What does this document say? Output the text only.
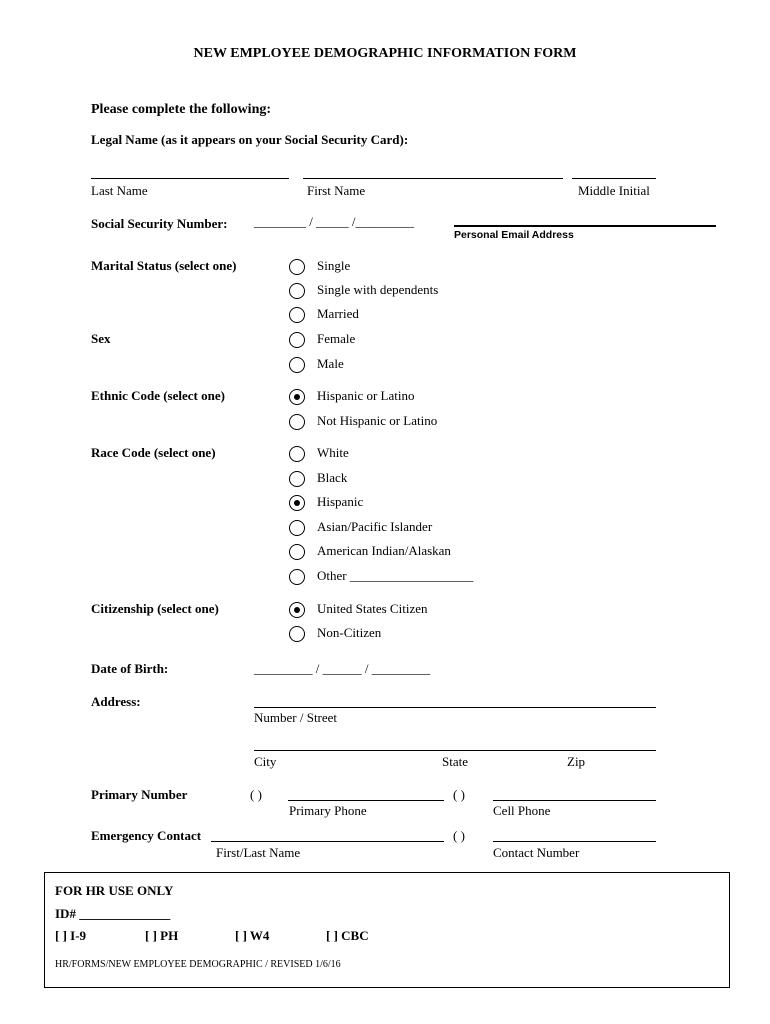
NEW EMPLOYEE DEMOGRAPHIC INFORMATION FORM
Please complete the following:
Legal Name (as it appears on your Social Security Card):
Last Name	First Name	Middle Initial
Social Security Number: ________ / _____ /_________
Personal Email Address
Marital Status (select one)	Single
Single with dependents
Married
Sex	Female
Male
Ethnic Code (select one)	Hispanic or Latino
Not Hispanic or Latino
Race Code (select one)	White
Black
Hispanic
Asian/Pacific Islander
American Indian/Alaskan
Other ___________________
Citizenship (select one)	United States Citizen
Non-Citizen
Date of Birth:	_________ / ______ / _________
Address:
Number / Street
City	State	Zip
Primary Number	( )	( )
Primary Phone	Cell Phone
Emergency Contact	( )
First/Last Name	Contact Number
FOR HR USE ONLY
ID# ______________
[ ] I-9	[ ] PH	[ ] W4	[ ] CBC
HR/FORMS/NEW EMPLOYEE DEMOGRAPHIC / REVISED 1/6/16
